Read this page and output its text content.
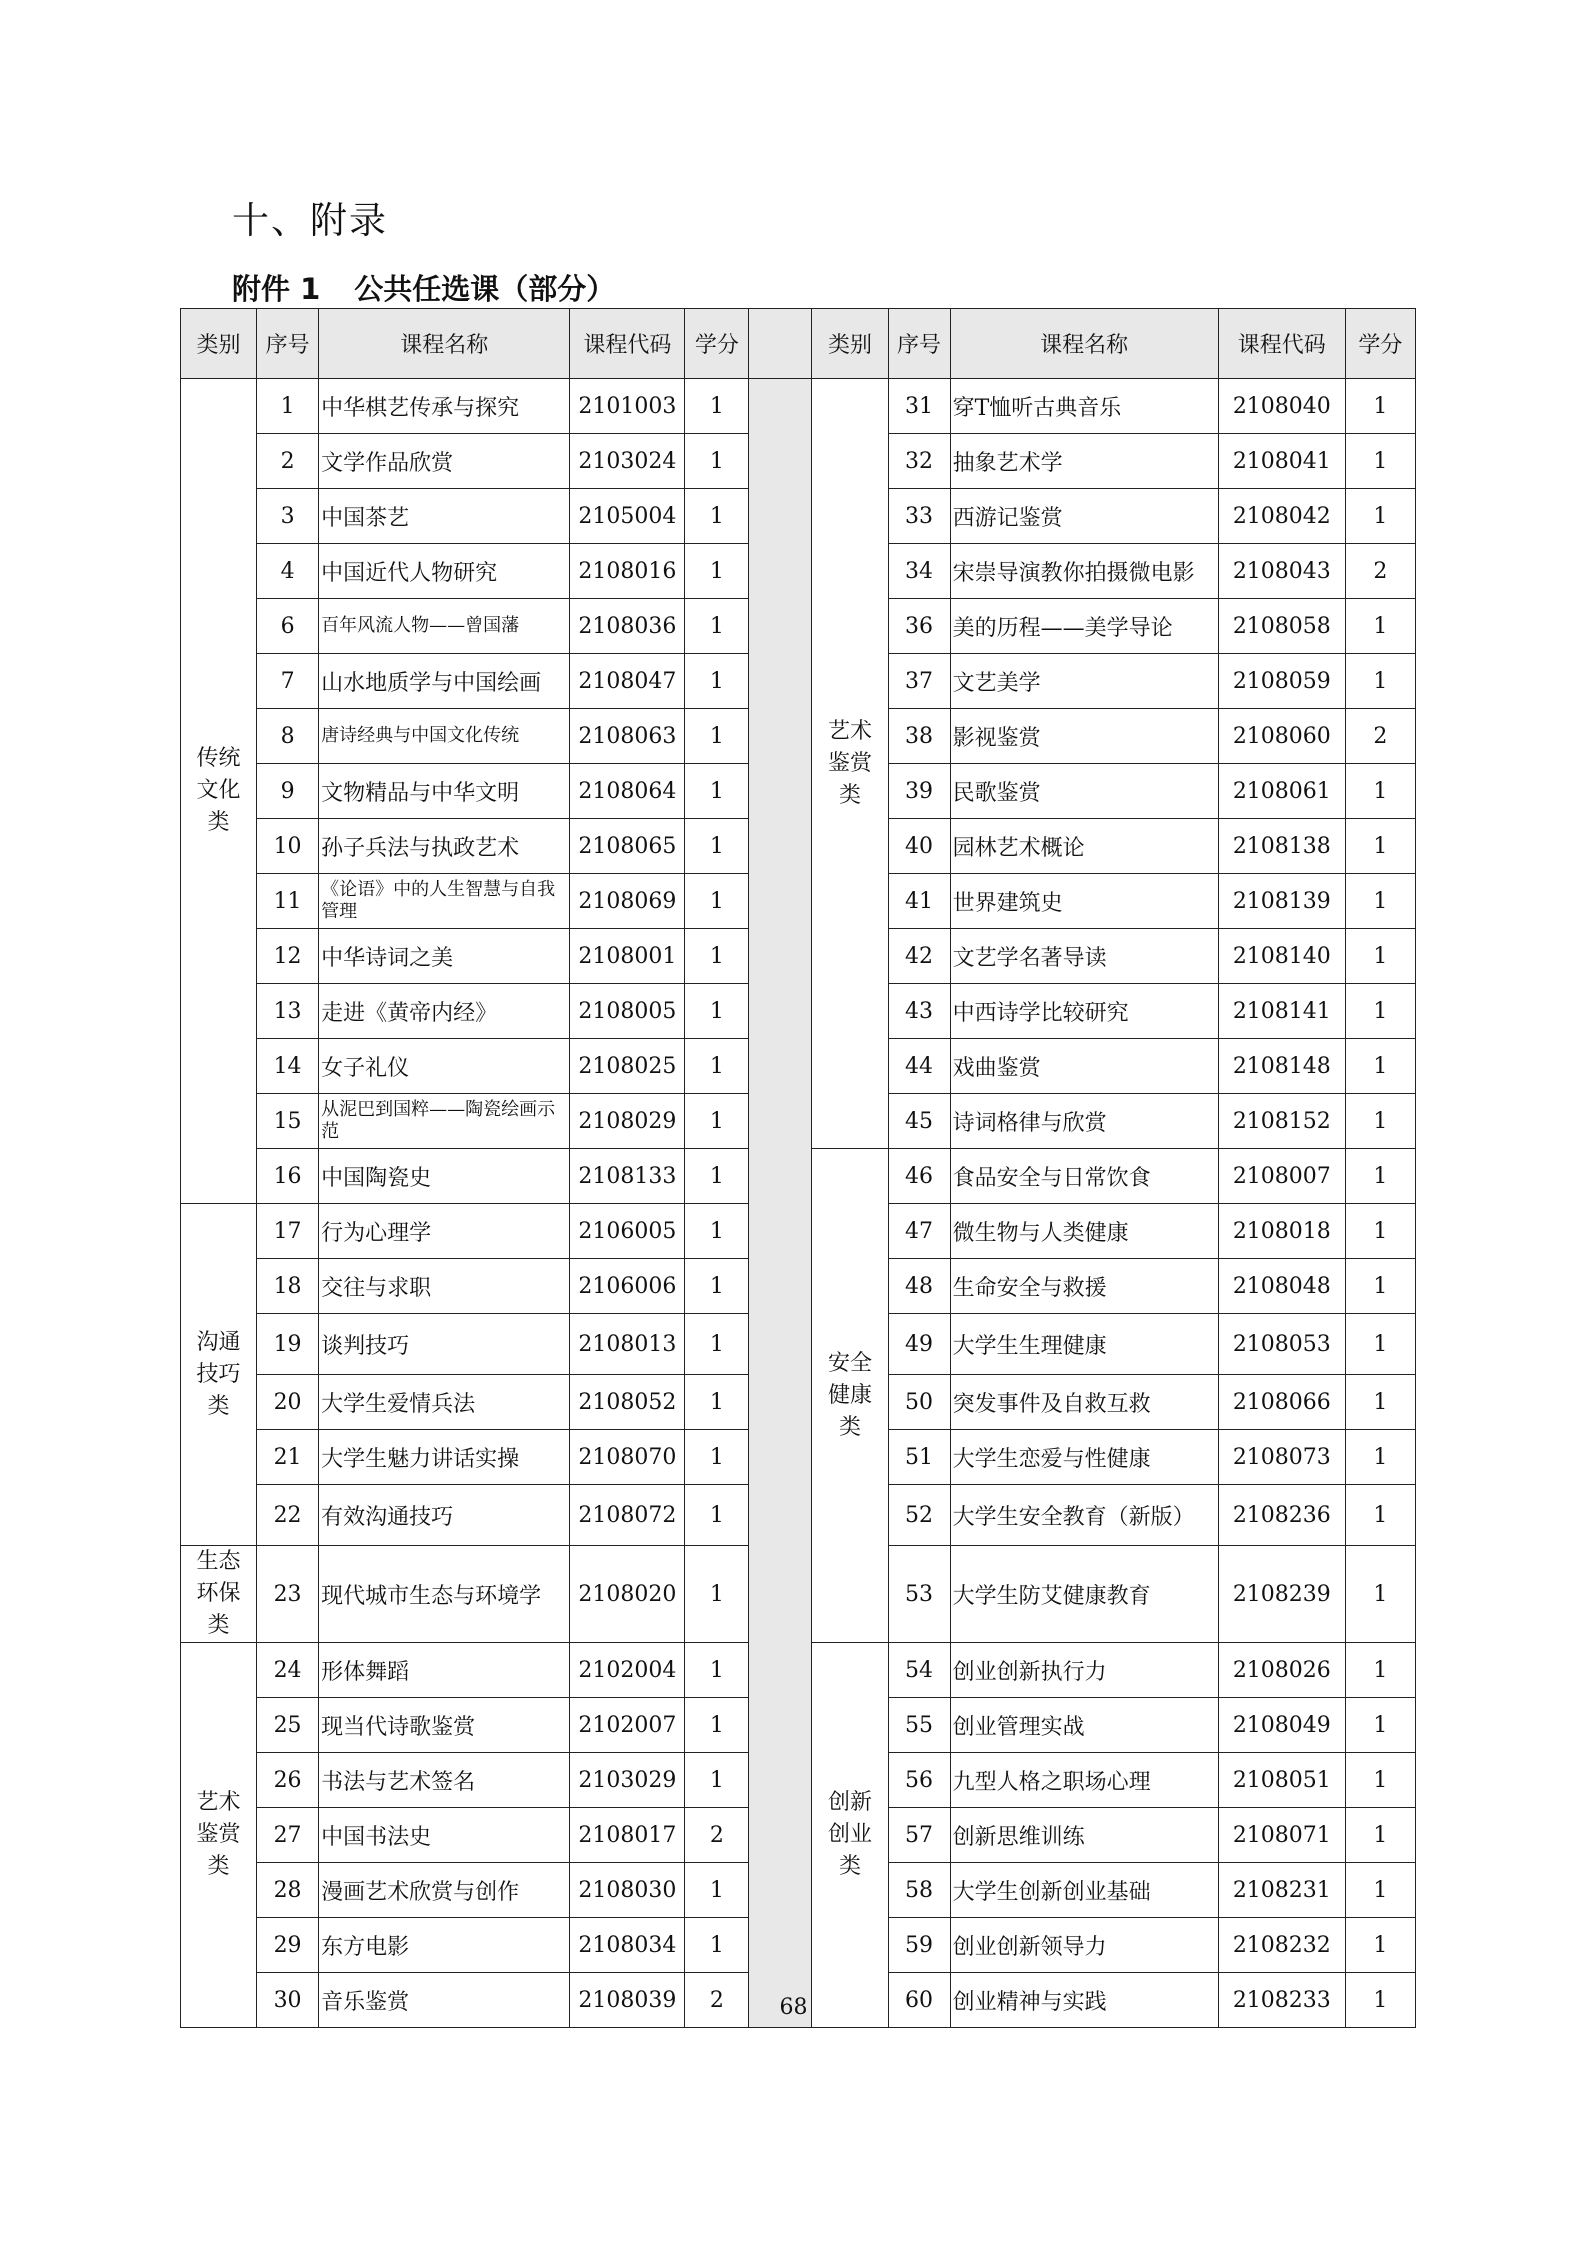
十、附录
附件 1 公共任选课（部分）
类别	序号	课程名称	课程代码	学分		类别	序号	课程名称	课程代码	学分
传统文化类	1	中华棋艺传承与探究	2101003	1		艺术鉴赏类	31	穿T恤听古典音乐	2108040	1
	2	文学作品欣赏	2103024	1			32	抽象艺术学	2108041	1
	3	中国茶艺	2105004	1			33	西游记鉴赏	2108042	1
	4	中国近代人物研究	2108016	1			34	宋崇导演教你拍摄微电影	2108043	2
	6	百年风流人物——曾国藩	2108036	1			36	美的历程——美学导论	2108058	1
	7	山水地质学与中国绘画	2108047	1			37	文艺美学	2108059	1
	8	唐诗经典与中国文化传统	2108063	1			38	影视鉴赏	2108060	2
	9	文物精品与中华文明	2108064	1			39	民歌鉴赏	2108061	1
	10	孙子兵法与执政艺术	2108065	1			40	园林艺术概论	2108138	1
	11	《论语》中的人生智慧与自我管理	2108069	1			41	世界建筑史	2108139	1
	12	中华诗词之美	2108001	1			42	文艺学名著导读	2108140	1
	13	走进《黄帝内经》	2108005	1			43	中西诗学比较研究	2108141	1
	14	女子礼仪	2108025	1			44	戏曲鉴赏	2108148	1
	15	从泥巴到国粹——陶瓷绘画示范	2108029	1			45	诗词格律与欣赏	2108152	1
	16	中国陶瓷史	2108133	1		安全健康类	46	食品安全与日常饮食	2108007	1
沟通技巧类	17	行为心理学	2106005	1			47	微生物与人类健康	2108018	1
	18	交往与求职	2106006	1			48	生命安全与救援	2108048	1
	19	谈判技巧	2108013	1			49	大学生生理健康	2108053	1
	20	大学生爱情兵法	2108052	1			50	突发事件及自救互救	2108066	1
	21	大学生魅力讲话实操	2108070	1			51	大学生恋爱与性健康	2108073	1
	22	有效沟通技巧	2108072	1			52	大学生安全教育（新版）	2108236	1
生态环保类	23	现代城市生态与环境学	2108020	1			53	大学生防艾健康教育	2108239	1
艺术鉴赏类	24	形体舞蹈	2102004	1		创新创业类	54	创业创新执行力	2108026	1
	25	现当代诗歌鉴赏	2102007	1			55	创业管理实战	2108049	1
	26	书法与艺术签名	2103029	1			56	九型人格之职场心理	2108051	1
	27	中国书法史	2108017	2			57	创新思维训练	2108071	1
	28	漫画艺术欣赏与创作	2108030	1			58	大学生创新创业基础	2108231	1
	29	东方电影	2108034	1			59	创业创新领导力	2108232	1
	30	音乐鉴赏	2108039	2			60	创业精神与实践	2108233	1
68
